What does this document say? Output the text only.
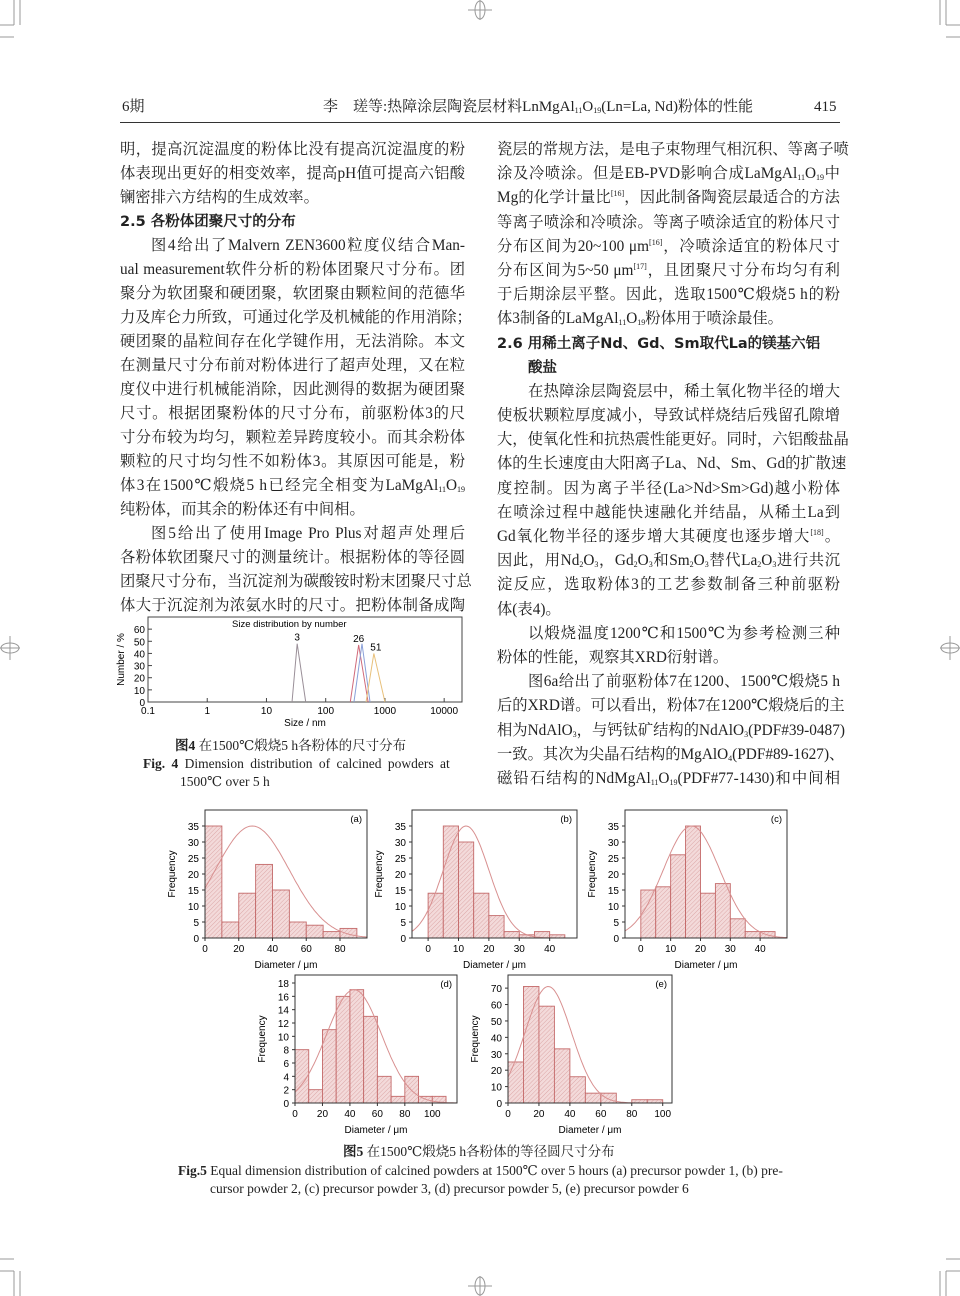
6期	李　瑳等:热障涂层陶瓷层材料$LnMgAl_{11}O_{19}(Ln=La$, Nd)粉体的性能	415
明，提高沉淀温度的粉体比没有提高沉淀温度的粉
体表现出更好的相变效率，提高pH值可提高六铝酸
镧密排六方结构的生成效率。
2.5 各粉体团聚尺寸的分布
图4给出了Malvern ZEN3600粒度仪结合Man-
ual measurement软件分析的粉体团聚尺寸分布。团
聚分为软团聚和硬团聚，软团聚由颗粒间的范德华
力及库仑力所致，可通过化学及机械能的作用消除；
硬团聚的晶粒间存在化学键作用，无法消除。本文
在测量尺寸分布前对粉体进行了超声处理，又在粒
度仪中进行机械能消除，因此测得的数据为硬团聚
尺寸。根据团聚粉体的尺寸分布，前驱粉体3的尺
寸分布较为均匀，颗粒差异跨度较小。而其余粉体
颗粒的尺寸均匀性不如粉体3。其原因可能是，粉
体3在1500℃煅烧5 h已经完全相变为$LaMgAl_{11}O_{19}$
纯粉体，而其余的粉体还有中间相。
图5给出了使用Image Pro Plus对超声处理后
各粉体软团聚尺寸的测量统计。根据粉体的等径圆
团聚尺寸分布，当沉淀剂为碳酸铵时粉末团聚尺寸总
体大于沉淀剂为浓氨水时的尺寸。把粉体制备成陶
瓷层的常规方法，是电子束物理气相沉积、等离子喷
涂及冷喷涂。但是EB-PVD影响合成$LaMgAl_{11}O_{19}$中
Mg的化学计量比[16]，因此制备陶瓷层最适合的方法
等离子喷涂和冷喷涂。等离子喷涂适宜的粉体尺寸
分布区间为20~100 μm[16]，冷喷涂适宜的粉体尺寸
分布区间为5~50 μm[17]，且团聚尺寸分布均匀有利
于后期涂层平整。因此，选取1500℃煅烧5 h的粉
体3制备的$LaMgAl_{11}O_{19}$粉体用于喷涂最佳。
2.6 用稀土离子Nd、Gd、Sm取代La的镁基六铝
酸盐
在热障涂层陶瓷层中，稀土氧化物半径的增大
使板状颗粒厚度减小，导致试样烧结后残留孔隙增
大，使氧化性和抗热震性能更好。同时，六铝酸盐晶
体的生长速度由大阳离子La、Nd、Sm、Gd的扩散速
度控制。因为离子半径(La>Nd>Sm>Gd)越小粉体
在喷涂过程中越能快速融化并结晶，从稀土La到
Gd氧化物半径的逐步增大其硬度也逐步增大[18]。
因此，用$Nd_2O_3$，$Gd_2O_3$和$Sm_2O_3$替代$La_2O_3$进行共沉
淀反应，选取粉体3的工艺参数制备三种前驱粉
体(表4)。
以煅烧温度1200℃和1500℃为参考检测三种
粉体的性能，观察其XRD衍射谱。
图6a给出了前驱粉体7在1200、1500℃煅烧5 h
后的XRD谱。可以看出，粉体7在1200℃煅烧后的主
相为NdAlO$_3$，与钙钛矿结构的NdAlO$_3$(PDF#39-0487)
一致。其次为尖晶石结构的MgAlO$_4$(PDF#89-1627)、
磁铅石结构的$NdMgAl_{11}O_{19}(PDF\#77-1430)$和中间相
0.1	1	10	100	1000	10000
0
10
20
30
40
50
60
Size distribution by number
Size / nm
Number / %	3	26
51
图4 在1500℃煅烧5 h各粉体的尺寸分布
Fig. 4 Dimension distribution of calcined powders at
1500℃ over 5 h
0	20 40 60 80
0
5
10
15
20
25
30
35
(a)
Diameter / μm
Frequency
0 10 20 30 40
0
5
10
15
20
25
30
35
(b)
Diameter / μm
Frequency
0 10 20 30 40
0
5
10
15
20
25
30
35
(c)
Diameter / μm
Frequency
0 20 40 60 80 100
0
2
4
6
8
10
12
14
16
18	(d)
Diameter / μm
Frequency
0 20 40 60 80 100
0
10
20
30
40
50
60
70	(e)
Diameter / μm
Frequency
图5 在1500℃煅烧5 h各粉体的等径圆尺寸分布
Fig.5 Equal dimension distribution of calcined powders at 1500℃ over 5 hours (a) precursor powder 1, (b) pre-
cursor powder 2, (c) precursor powder 3, (d) precursor powder 5, (e) precursor powder 6
